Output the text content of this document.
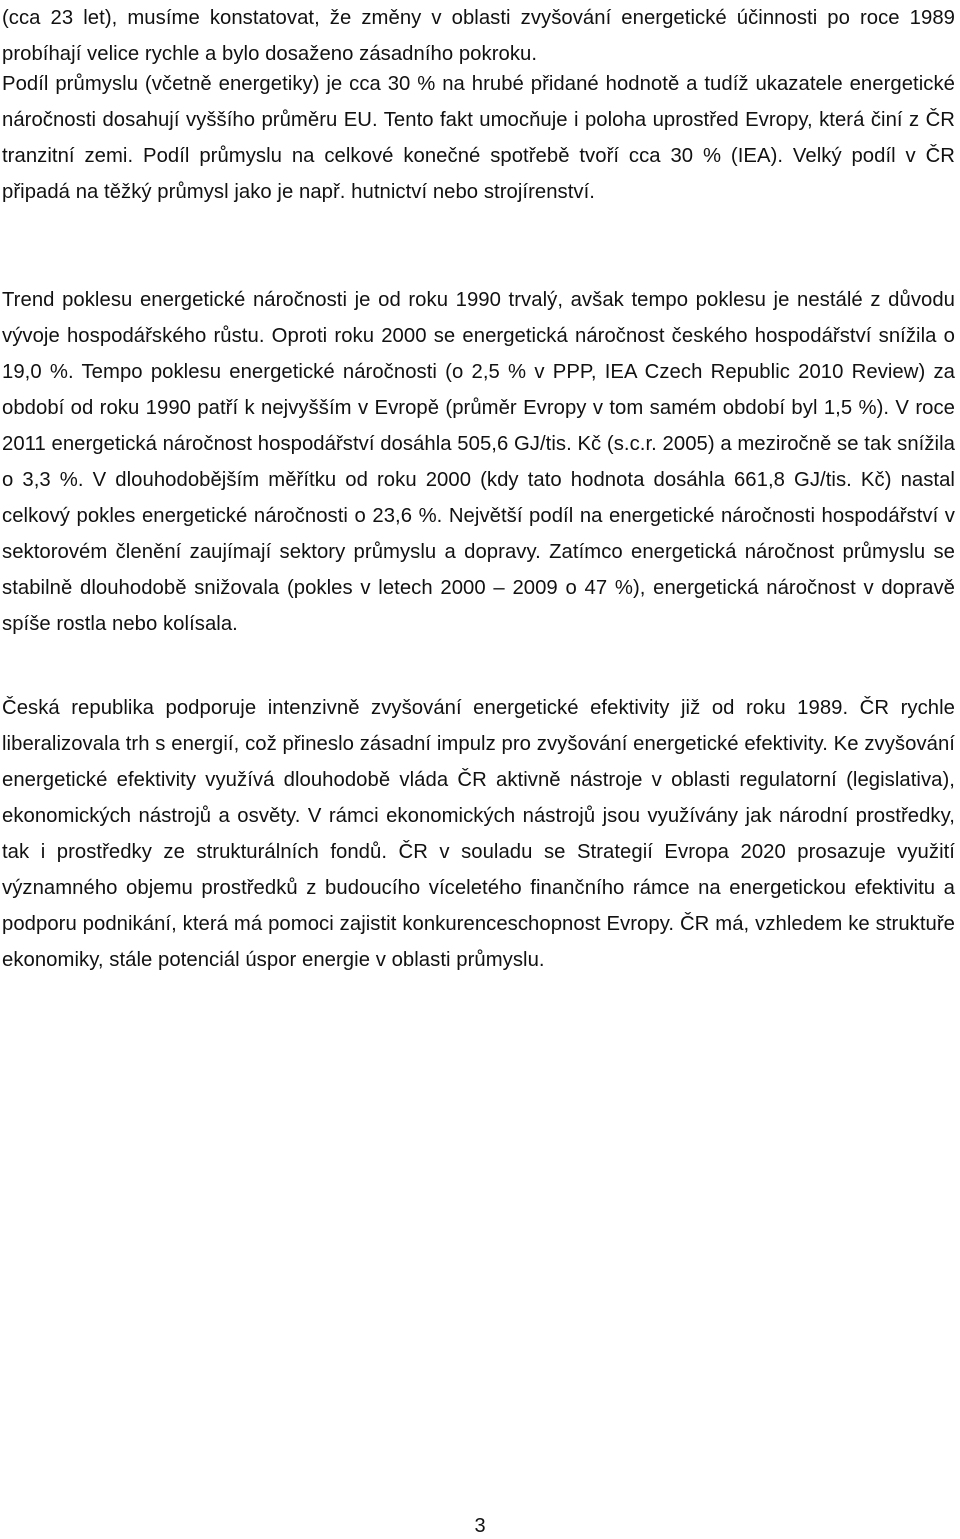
(cca 23 let), musíme konstatovat, že změny v oblasti zvyšování energetické účinnosti po roce 1989 probíhají velice rychle a bylo dosaženo zásadního pokroku.

Podíl průmyslu (včetně energetiky) je cca 30 % na hrubé přidané hodnotě a tudíž ukazatele energetické náročnosti dosahují vyššího průměru EU. Tento fakt umocňuje i poloha uprostřed Evropy, která činí z ČR tranzitní zemi. Podíl průmyslu na celkové konečné spotřebě tvoří cca 30 % (IEA). Velký podíl v ČR připadá na těžký průmysl jako je např. hutnictví nebo strojírenství.

Trend poklesu energetické náročnosti je od roku 1990 trvalý, avšak tempo poklesu je nestálé z důvodu vývoje hospodářského růstu. Oproti roku 2000 se energetická náročnost českého hospodářství snížila o 19,0 %. Tempo poklesu energetické náročnosti (o 2,5 % v PPP, IEA Czech Republic 2010 Review) za období od roku 1990 patří k nejvyšším v Evropě (průměr Evropy v tom samém období byl 1,5 %). V roce 2011 energetická náročnost hospodářství dosáhla 505,6 GJ/tis. Kč (s.c.r. 2005) a meziročně se tak snížila o 3,3 %. V dlouhodobějším měřítku od roku 2000 (kdy tato hodnota dosáhla 661,8 GJ/tis. Kč) nastal celkový pokles energetické náročnosti o 23,6 %. Největší podíl na energetické náročnosti hospodářství v sektorovém členění zaujímají sektory průmyslu a dopravy. Zatímco energetická náročnost průmyslu se stabilně dlouhodobě snižovala (pokles v letech 2000 – 2009 o 47 %), energetická náročnost v dopravě spíše rostla nebo kolísala.

Česká republika podporuje intenzivně zvyšování energetické efektivity již od roku 1989. ČR rychle liberalizovala trh s energií, což přineslo zásadní impulz pro zvyšování energetické efektivity. Ke zvyšování energetické efektivity využívá dlouhodobě vláda ČR aktivně nástroje v oblasti regulatorní (legislativa), ekonomických nástrojů a osvěty. V rámci ekonomických nástrojů jsou využívány jak národní prostředky, tak i prostředky ze strukturálních fondů. ČR v souladu se Strategií Evropa 2020 prosazuje využití významného objemu prostředků z budoucího víceletého finančního rámce na energetickou efektivitu a podporu podnikání, která má pomoci zajistit konkurenceschopnost Evropy. ČR má, vzhledem ke struktuře ekonomiky, stále potenciál úspor energie v oblasti průmyslu.

3
